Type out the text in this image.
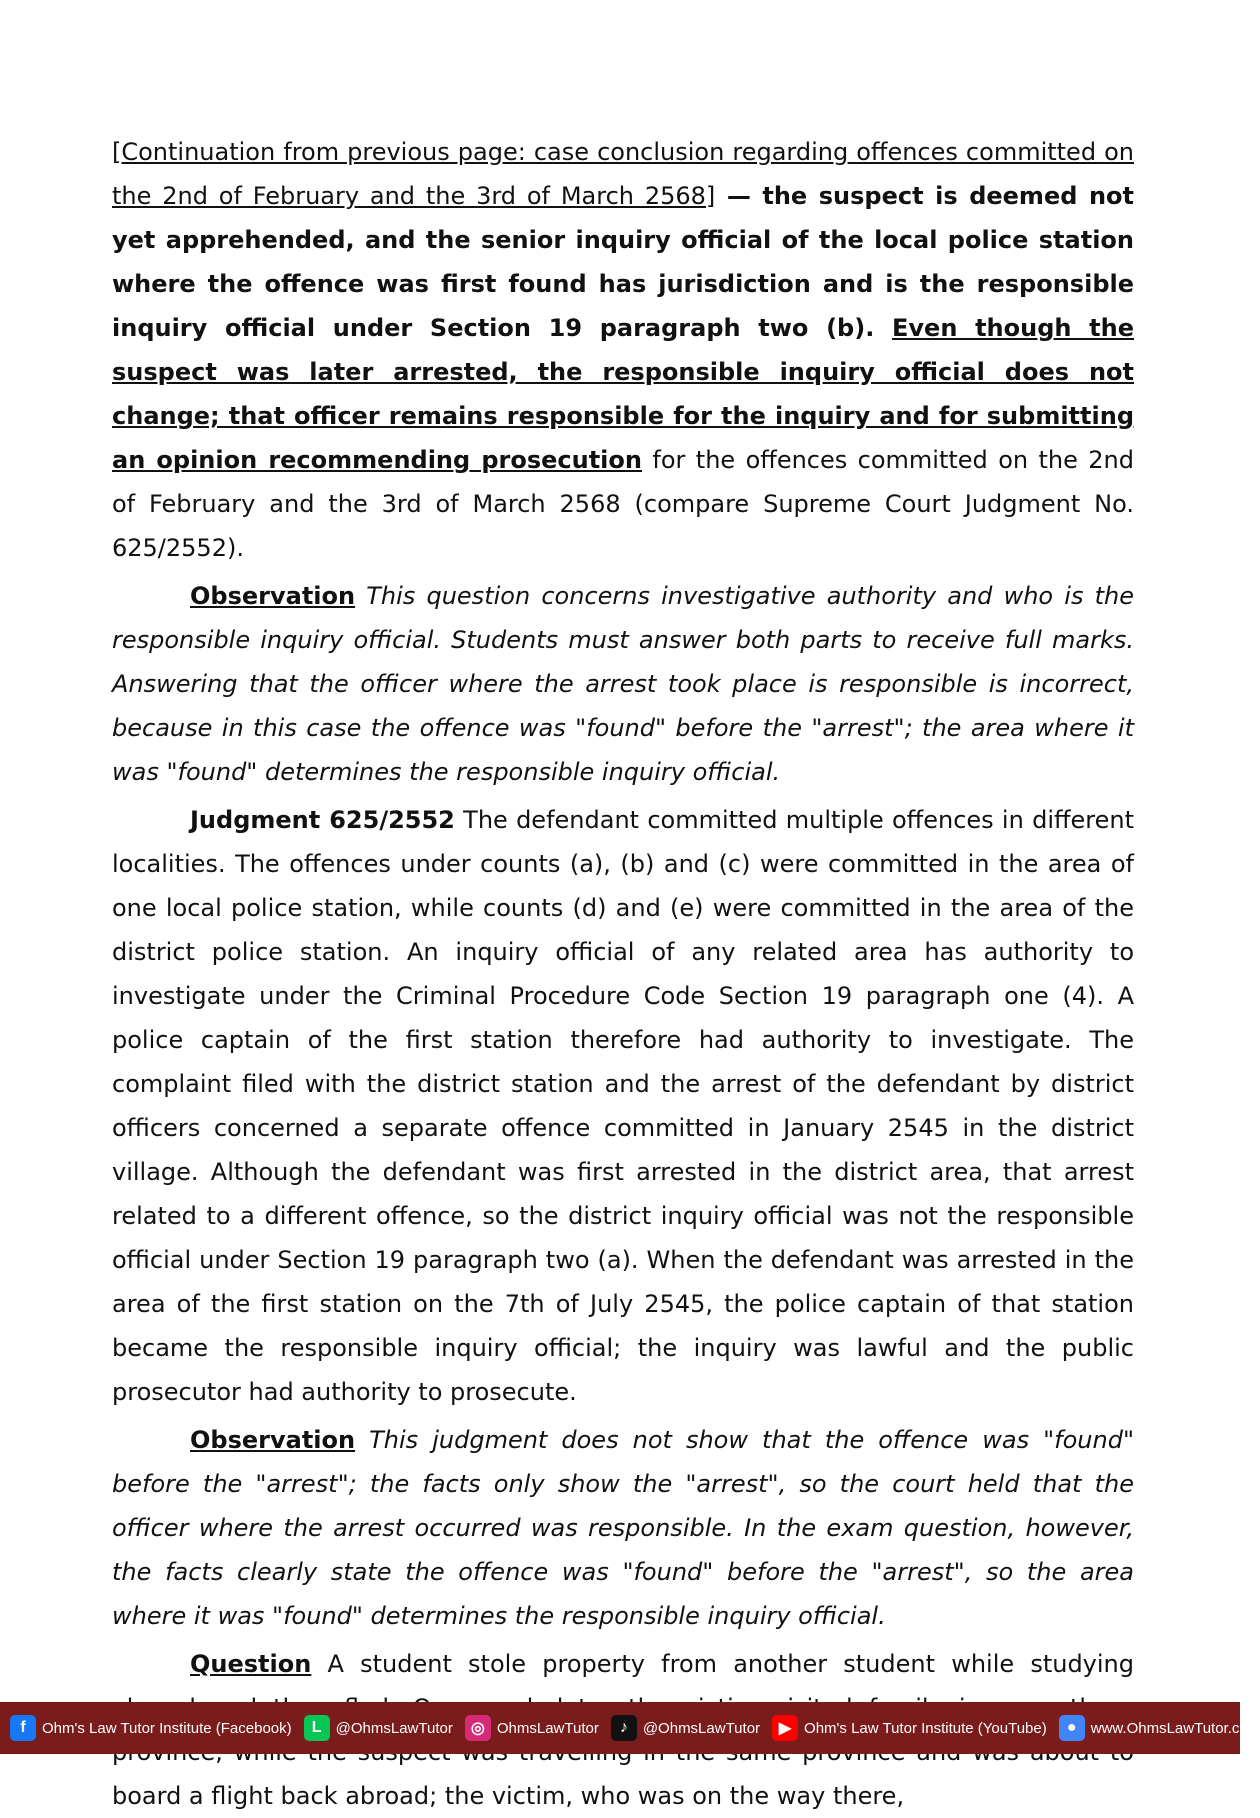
[Continuation from previous page: case conclusion regarding offences committed on the 2nd of February and the 3rd of March 2568] — the suspect is deemed not yet apprehended, and the senior inquiry official of the local police station where the offence was first found has jurisdiction and is the responsible inquiry official under Section 19 paragraph two (b). Even though the suspect was later arrested, the responsible inquiry official does not change; that officer remains responsible for the inquiry and for submitting an opinion recommending prosecution for the offences committed on the 2nd of February and the 3rd of March 2568 (compare Supreme Court Judgment No. 625/2552).

Observation This question concerns investigative authority and who is the responsible inquiry official. Students must answer both parts to receive full marks. Answering that the officer where the arrest took place is responsible is incorrect, because in this case the offence was "found" before the "arrest"; the area where it was "found" determines the responsible inquiry official.

Judgment 625/2552 The defendant committed multiple offences in different localities. The offences under counts (a), (b) and (c) were committed in the area of one local police station, while counts (d) and (e) were committed in the area of the district police station. An inquiry official of any related area has authority to investigate under the Criminal Procedure Code Section 19 paragraph one (4). A police captain of the first station therefore had authority to investigate. The complaint filed with the district station and the arrest of the defendant by district officers concerned a separate offence committed in January 2545 in the district village. Although the defendant was first arrested in the district area, that arrest related to a different offence, so the district inquiry official was not the responsible official under Section 19 paragraph two (a). When the defendant was arrested in the area of the first station on the 7th of July 2545, the police captain of that station became the responsible inquiry official; the inquiry was lawful and the public prosecutor had authority to prosecute.

Observation This judgment does not show that the offence was "found" before the "arrest"; the facts only show the "arrest", so the court held that the officer where the arrest occurred was responsible. In the exam question, however, the facts clearly state the offence was "found" before the "arrest", so the area where it was "found" determines the responsible inquiry official.

Question A student stole property from another student while studying board a flight back abroad; the victim, who was on the way there,

f	Ohm's Law Tutor Institute (Facebook)	L @OhmsLawTutor	◎ OhmsLawTutor	♪	@OhmsLawTutor	▶ Ohm's Law Tutor Institute (YouTube)	● www.OhmsLawTutor.com
